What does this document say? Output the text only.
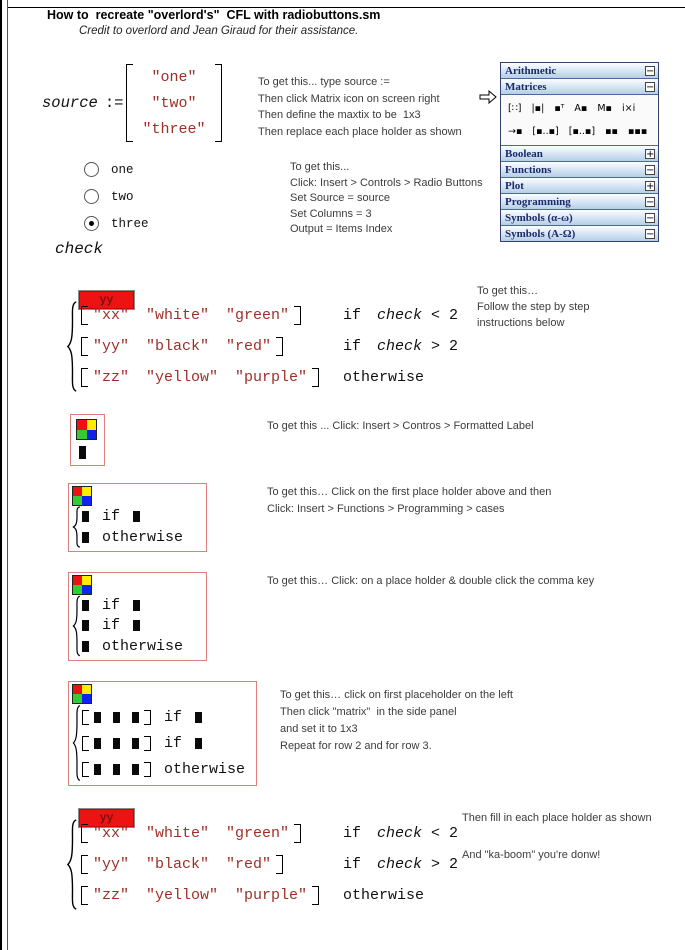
How to  recreate "overlord's"  CFL with radiobuttons.sm
Credit to overlord and Jean Giraud for their assistance.
source :=
"one"
"two"
"three"
To get this... type source :=
Then click Matrix icon on screen right
Then define the maxtix to be  1x3
Then replace each place holder as shown
Arithmetic	−
Matrices	−
[∷]	|▪|	▪ᵀ	A▪	M▪	i×i
→▪	[▪..▪]	[▪..▪]	▪▪	▪▪▪
Boolean	+
Functions	−
Plot	+
Programming	−
Symbols (α-ω)	−
Symbols (A-Ω)	−
one
two
three
check
To get this...
Click: Insert > Controls > Radio Buttons
Set Source = source
Set Columns = 3
Output = Items Index
yy
"xx" "white" "green"	if check < 2
"yy" "black" "red"	if check > 2
"zz" "yellow" "purple" otherwise
To get this…
Follow the step by step
instructions below
To get this ... Click: Insert > Contros > Formatted Label
if
otherwise
To get this… Click on the first place holder above and then
Click: Insert > Functions > Programming > cases
if
if
otherwise
To get this… Click: on a place holder & double click the comma key
if
if
otherwise
To get this… click on first placeholder on the left
Then click "matrix"  in the side panel
and set it to 1x3
Repeat for row 2 and for row 3.
yy
"xx" "white" "green"	if check < 2
"yy" "black" "red"	if check > 2
"zz" "yellow" "purple" otherwise
Then fill in each place holder as shown
And "ka-boom" you're donw!
